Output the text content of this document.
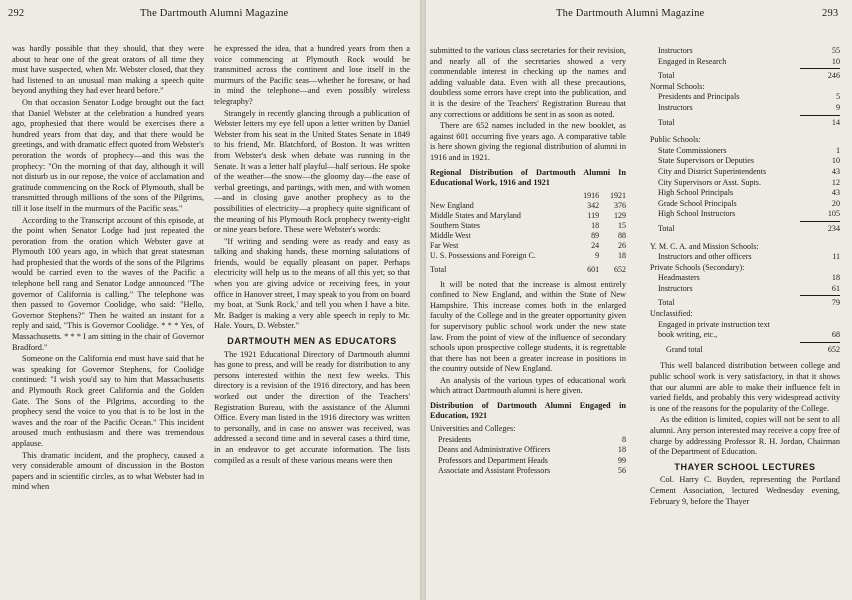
292	The Dartmouth Alumni Magazine

was hardly possible that they should, that they were about to hear one of the great orators of all time they must have suspected, when Mr. Webster closed, that they had listened to an unusual man making a speech quite beyond anything they had ever heard before."

On that occasion Senator Lodge brought out the fact that Daniel Webster at the celebration a hundred years ago, prophesied that there would be exercises there a hundred years from that day, and that there would be greetings, and with dramatic effect quoted from Webster's peroration the words of prophecy—and this was the prophecy: "On the morning of that day, although it will not disturb us in our repose, the voice of acclamation and gratitude commencing on the Rock of Plymouth, shall be transmitted through millions of the sons of the Pilgrims, till it lose itself in the murmurs of the Pacific seas."

According to the Transcript account of this episode, at the point when Senator Lodge had just repeated the peroration from the oration which Webster gave at Plymouth 100 years ago, in which that great statesman had prophesied that the words of the sons of the Pilgrims would be carried even to the waves of the Pacific a telephone bell rang and Senator Lodge announced "The governor of California is calling." The telephone was then passed to Governor Coolidge, who said: "Hello, Governor Stephens?" Then he waited an instant for a reply and said, "This is Governor Coolidge. * * * Yes, of Massachusetts. * * * I am sitting in the chair of Governor Bradford."

Someone on the California end must have said that he was speaking for Governor Stephens, for Coolidge continued: "I wish you'd say to him that Massachusetts and Plymouth Rock greet California and the Golden Gate. The Sons of the Pilgrims, according to the prophecy send the voice to you that is to be lost in the waves and the roar of the Pacific Ocean." This incident aroused much enthusiasm and there was tremendous applause.

This dramatic incident, and the prophecy, caused a very considerable amount of discussion in the Boston papers and in scientific circles, as to what Webster had in mind when

he expressed the idea, that a hundred years from then a voice commencing at Plymouth Rock would be transmitted across the continent and lose itself in the murmurs of the Pacific seas—whether he foresaw, or had in mind the telephone—and even possibly wireless telegraphy?

Strangely in recently glancing through a publication of Webster letters my eye fell upon a letter written by Daniel Webster from his seat in the United States Senate in 1849 to his friend, Mr. Blatchford, of Boston. It was written from Webster's desk when debate was running in the Senate. It was a letter half playful—half serious. He spoke of the weather—the snow—the gloomy day—the ease of verbal greetings, and partings, with men, and with women—and in closing gave another prophecy as to the possibilities of electricity—a prophecy quite significant of the meaning of his Plymouth Rock prophecy twenty-eight or nine years before. These were Webster's words:

"If writing and sending were as ready and easy as talking and shaking hands, these morning salutations of friends, would be equally pleasant on paper. Perhaps electricity will help us to the means of all this yet; so that when you are giving advice or receiving fees, in your office in Hanover street, I may speak to you from on board my boat, at 'Sunk Rock,' and tell you when I have a bite. Mr. Badger is making a very able speech in reply to Mr. Hale. Yours, D. Webster."

DARTMOUTH MEN AS EDUCATORS

The 1921 Educational Directory of Dartmouth alumni has gone to press, and will be ready for distribution to any persons interested within the next few weeks. This directory is a revision of the 1916 directory, and has been worked out under the direction of the Teachers' Registration Bureau, with the assistance of the Alumni Office. Every man listed in the 1916 directory was written to personally, and in case no answer was received, was addressed a second time and in several cases a third time, in an endeavor to get accurate information. The lists compiled as a result of these various means were then

The Dartmouth Alumni Magazine	293

submitted to the various class secretaries for their revision, and nearly all of the secretaries showed a very commendable interest in checking up the names and adding valuable data. Even with all these precautions, doubtless some errors have crept into the publication, and it is the desire of the Teachers' Registration Bureau that any corrections or additions be sent in as soon as noted.

There are 652 names included in the new booklet, as against 601 occurring five years ago. A comparative table is here shown giving the regional distribution of alumni in 1916 and in 1921.

Regional Distribution of Dartmouth Alumni In Educational Work, 1916 and 1921
	1916	1921
New England	342	376
Middle States and Maryland	119	129
Southern States	18	15
Middle West	89	88
Far West	24	26
U. S. Possessions and Foreign C.	9	18
Total	601	652

It will be noted that the increase is almost entirely confined to New England, and within the State of New Hampshire. This increase comes both in the enlarged faculty of the College and in the greater opportunity given for supervisory public school work under the new state law. From the point of view of the influence of secondary schools upon prospective college students, it is regrettable that there has not been a greater increase in positions in the country outside of New England.

An analysis of the various types of educational work which attract Dartmouth alumni is here given.

Distribution of Dartmouth Alumni Engaged in Education, 1921
Universities and Colleges:
Presidents	8
Deans and Administrative Officers	18
Professors and Department Heads	99
Associate and Assistant Professors	56
Instructors	55
Engaged in Research	10
Total	246
Normal Schools:
Presidents and Principals	5
Instructors	9
Total	14
Public Schools:
State Commissioners	1
State Supervisors or Deputies	10
City and District Superintendents	43
City Supervisors or Asst. Supts.	12
High School Principals	43
Grade School Principals	20
High School Instructors	105
Total	234
Y. M. C. A. and Mission Schools:
Instructors and other officers	11
Private Schools (Secondary):
Headmasters	18
Instructors	61
Total	79
Unclassified:
Engaged in private instruction text
book writing, etc.,	68
Grand total	652

This well balanced distribution between college and public school work is very satisfactory, in that it shows that our alumni are able to make their influence felt in varied fields, and probably this very widespread activity is one of the reasons for the popularity of the College.

As the edition is limited, copies will not be sent to all alumni. Any person interested may receive a copy free of charge by addressing Professor R. H. Jordan, Chairman of the Department of Education.

THAYER SCHOOL LECTURES

Col. Harry C. Boyden, representing the Portland Cement Association, lectured Wednesday evening, February 9, before the Thayer
